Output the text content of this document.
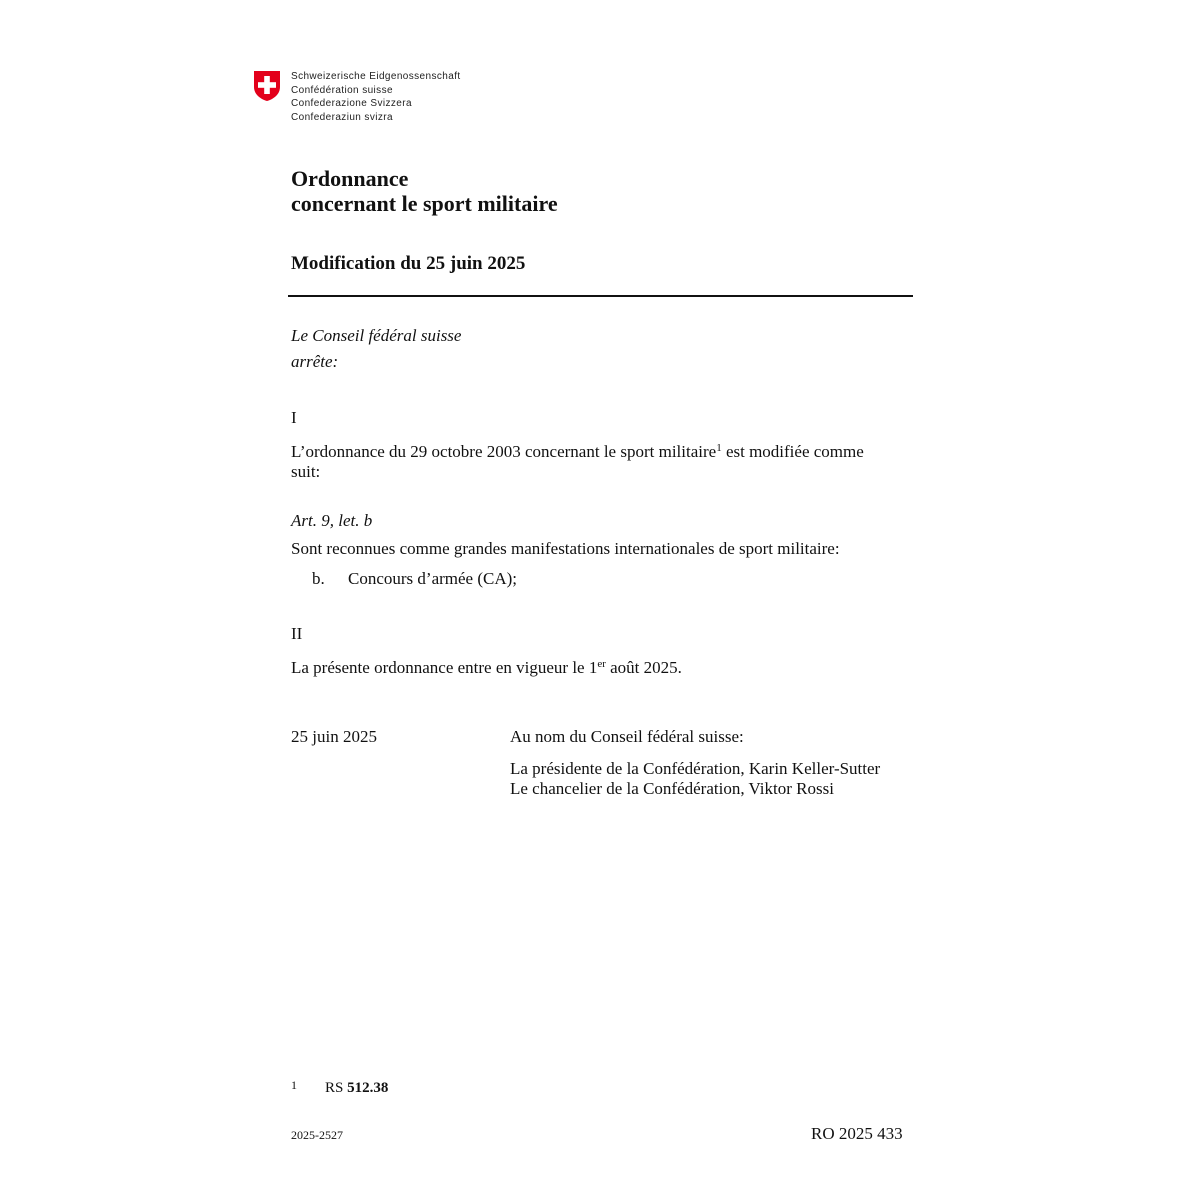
Schweizerische Eidgenossenschaft
Confédération suisse
Confederazione Svizzera
Confederaziun svizra
Ordonnance
concernant le sport militaire
Modification du 25 juin 2025
Le Conseil fédéral suisse
arrête:
I
L’ordonnance du 29 octobre 2003 concernant le sport militaire$^1$ est modifiée comme
suit:
Art. 9, let. b
Sont reconnues comme grandes manifestations internationales de sport militaire:
b. Concours d’armée (CA);
II
La présente ordonnance entre en vigueur le 1er août 2025.
25 juin 2025	Au nom du Conseil fédéral suisse:
La présidente de la Confédération, Karin Keller-Sutter
Le chancelier de la Confédération, Viktor Rossi
1 RS 512.38
2025-2527	RO 2025 433
